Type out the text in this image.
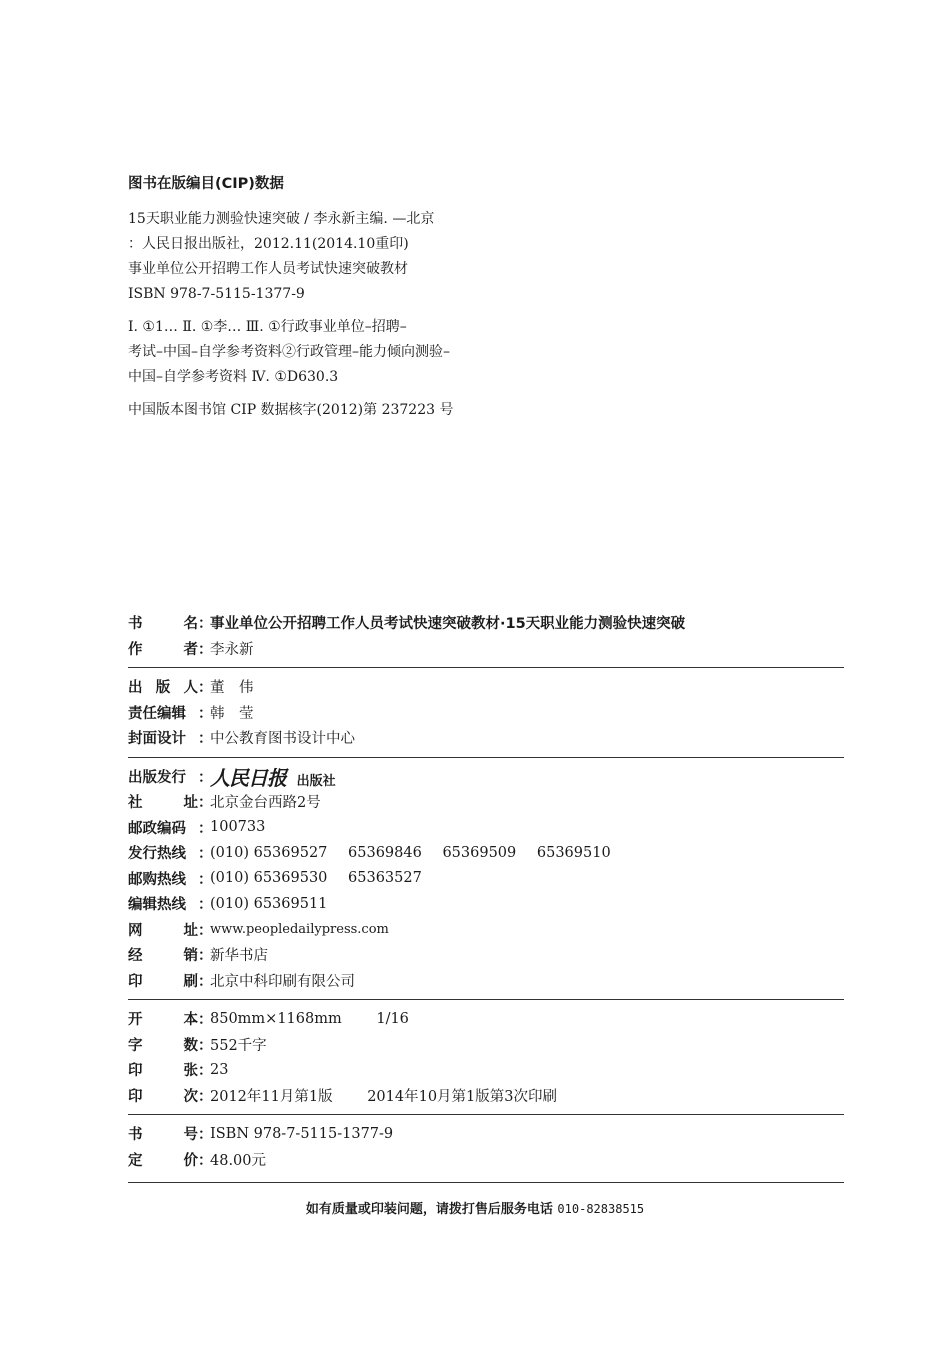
图书在版编目(CIP)数据
15天职业能力测验快速突破 / 李永新主编. —北京
：人民日报出版社，2012.11(2014.10重印)
事业单位公开招聘工作人员考试快速突破教材
ISBN 978-7-5115-1377-9
Ⅰ. ①1… Ⅱ. ①李… Ⅲ. ①行政事业单位–招聘–
考试–中国–自学参考资料②行政管理–能力倾向测验–
中国–自学参考资料 Ⅳ. ①D630.3
中国版本图书馆 CIP 数据核字(2012)第 237223 号
书	名 ：
事业单位公开招聘工作人员考试快速突破教材·15天职业能力测验快速突破
作	者 ：
李永新
出 版 人 ：
董　伟
责任编辑 ：
韩　莹
封面设计 ：
中公教育图书设计中心
出版发行 ：
人民日报 出版社
社	址 ：
北京金台西路2号
邮政编码 ：
100733
发行热线 ：
(010) 65369527 65369846 65369509 65369510
邮购热线 ：
(010) 65369530 65363527
编辑热线 ：
(010) 65369511
网	址 ：
www.peopledailypress.com
经	销 ：
新华书店
印	刷 ：
北京中科印刷有限公司
开	本 ：
850mm×1168mm 1/16
字	数 ：
552千字
印	张 ：
23
印	次 ：
2012年11月第1版 2014年10月第1版第3次印刷
书	号 ：
ISBN 978-7-5115-1377-9
定	价 ：
48.00元
如有质量或印装问题，请拨打售后服务电话 010-82838515
